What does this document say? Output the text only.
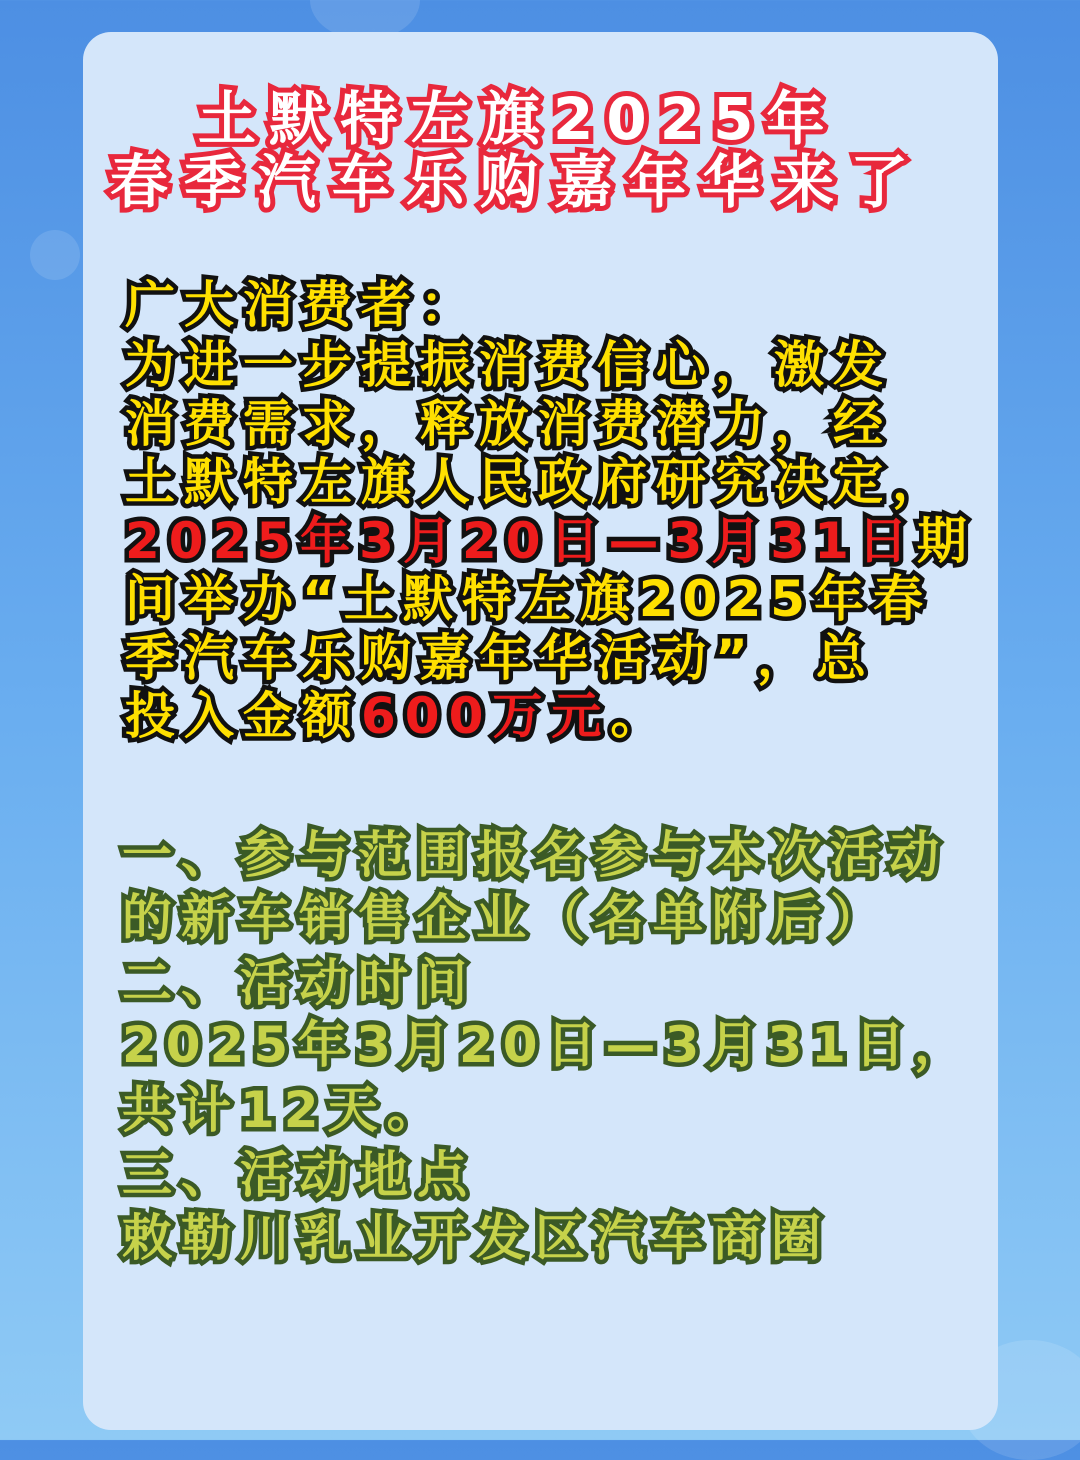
土默特左旗2025年
春季汽车乐购嘉年华来了
广大消费者：
为进一步提振消费信心，激发
消费需求，释放消费潜力，经
土默特左旗人民政府研究决定，
2025年3月20日—3月31日期
间举办“土默特左旗2025年春
季汽车乐购嘉年华活动”，总
投入金额600万元。
一、参与范围报名参与本次活动
的新车销售企业（名单附后）
二、活动时间
2025年3月20日—3月31日，
共计12天。
三、活动地点
敕勒川乳业开发区汽车商圈
